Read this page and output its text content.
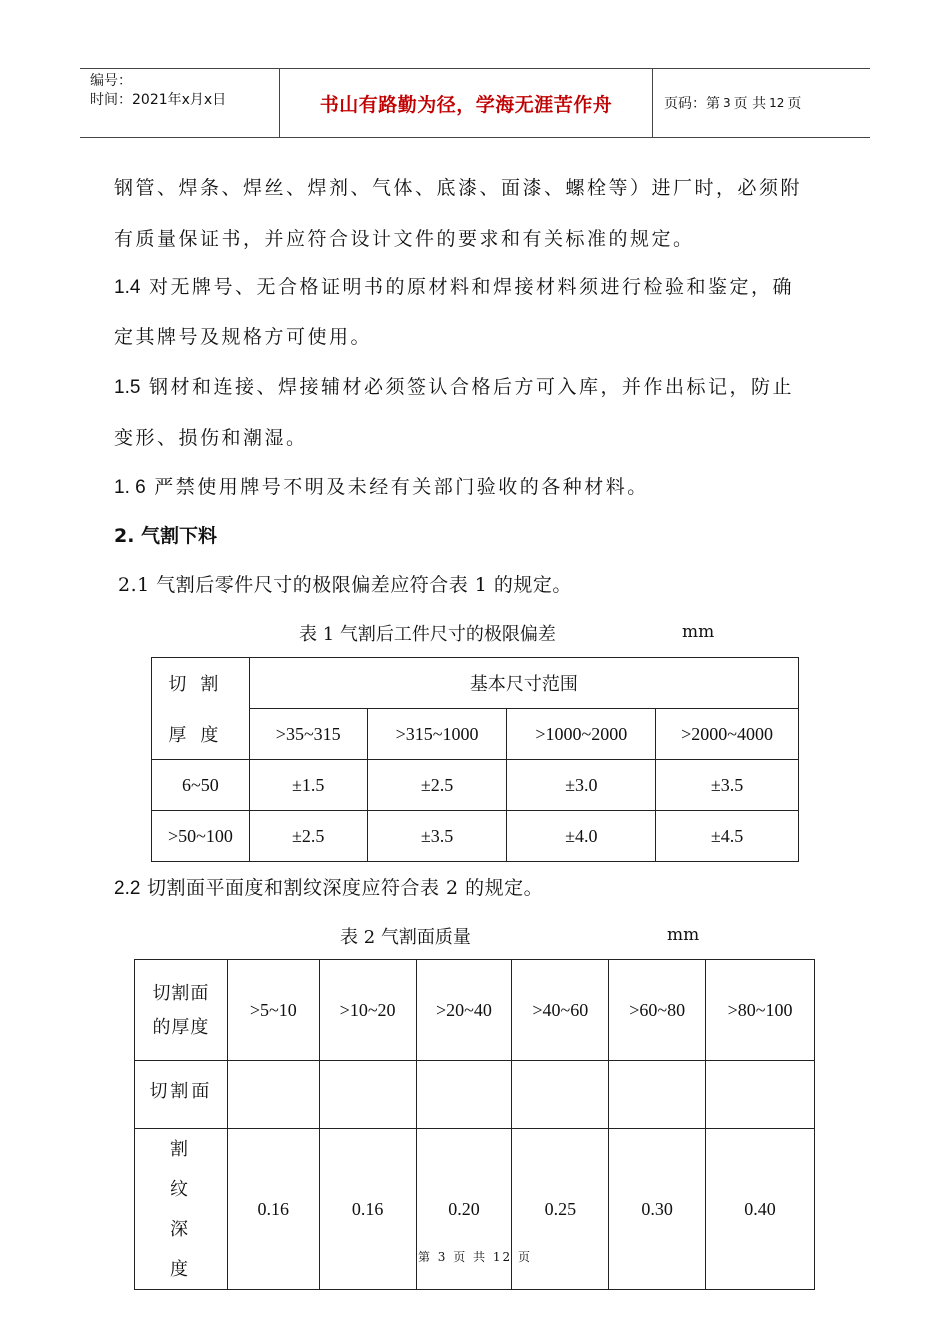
编号：
时间：2021年x月x日	书山有路勤为径，学海无涯苦作舟	页码：第 3 页 共 12 页
钢管、焊条、焊丝、焊剂、气体、底漆、面漆、螺栓等）进厂时，必须附
有质量保证书，并应符合设计文件的要求和有关标准的规定。
1.4 对无牌号、无合格证明书的原材料和焊接材料须进行检验和鉴定，确
定其牌号及规格方可使用。
1.5 钢材和连接、焊接辅材必须签认合格后方可入库，并作出标记，防止
变形、损伤和潮湿。
1. 6 严禁使用牌号不明及未经有关部门验收的各种材料。
2. 气割下料
2.1 气割后零件尺寸的极限偏差应符合表 1 的规定。
表 1 气割后工件尺寸的极限偏差	mm
切割	基本尺寸范围			
厚度	>35~315	>315~1000	>1000~2000	>2000~4000
6~50	±1.5	±2.5	±3.0	±3.5
>50~100	±2.5	±3.5	±4.0	±4.5
2.2 切割面平面度和割纹深度应符合表 2 的规定。
表 2 气割面质量	mm
切割面
的厚度	>5~10	>10~20	>20~40	>40~60	>60~80	>80~100
切割面						

割纹
深度	0.16	0.16	0.20	0.25	0.30	0.40
第 3 页 共 12 页
